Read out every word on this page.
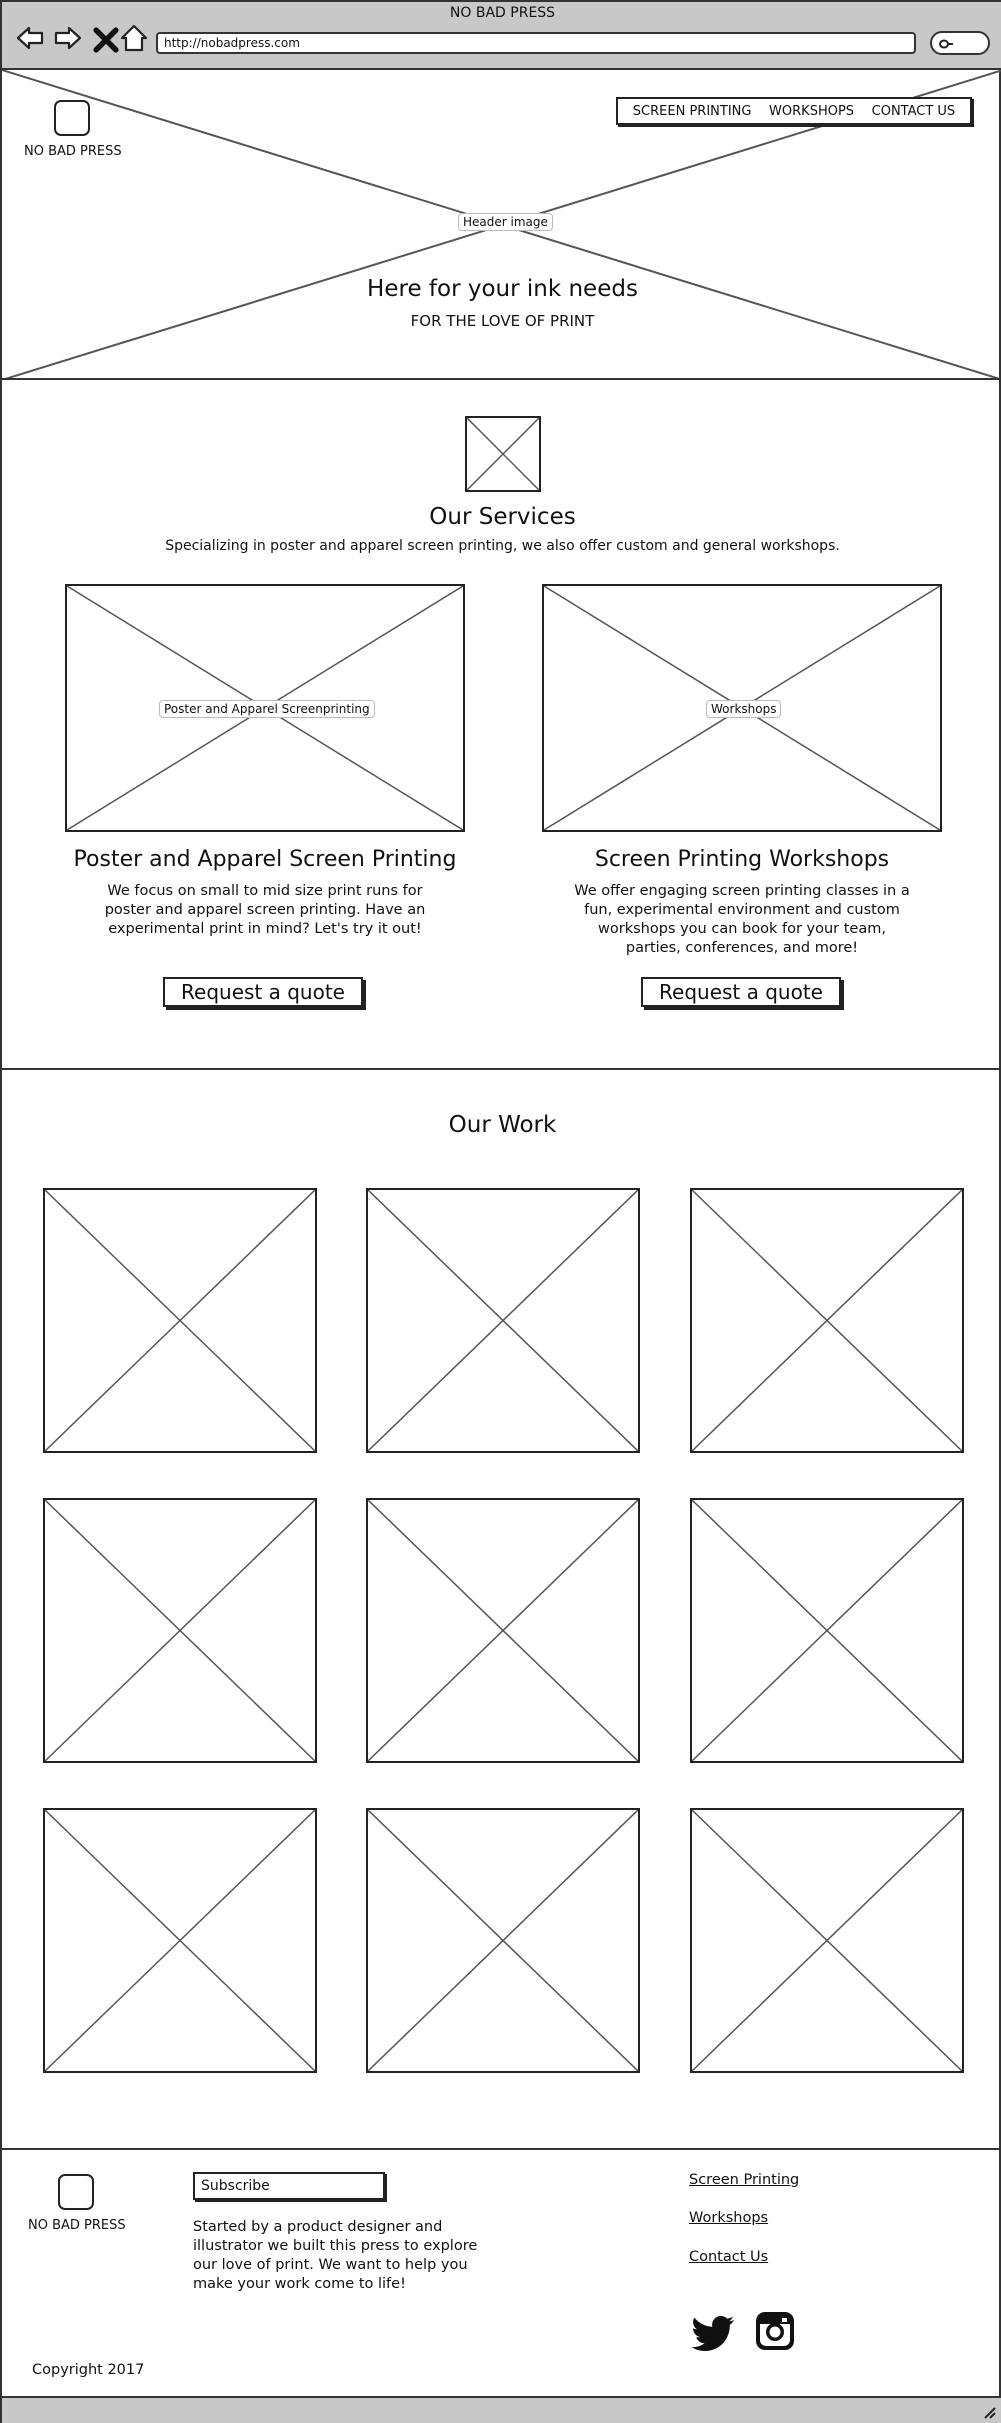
NO BAD PRESS
http://nobadpress.com
NO BAD PRESS
SCREEN PRINTING WORKSHOPS CONTACT US
Header image
Here for your ink needs
FOR THE LOVE OF PRINT
Our Services
Specializing in poster and apparel screen printing, we also offer custom and general workshops.
Poster and Apparel Screenprinting
Poster and Apparel Screen Printing
We focus on small to mid size print runs for poster and apparel screen printing. Have an experimental print in mind? Let's try it out!
Request a quote
Workshops
Screen Printing Workshops
We offer engaging screen printing classes in a fun, experimental environment and custom workshops you can book for your team, parties, conferences, and more!
Request a quote
Our Work
NO BAD PRESS
Subscribe
Started by a product designer and illustrator we built this press to explore our love of print. We want to help you make your work come to life!
Screen Printing
Workshops
Contact Us
Copyright 2017
